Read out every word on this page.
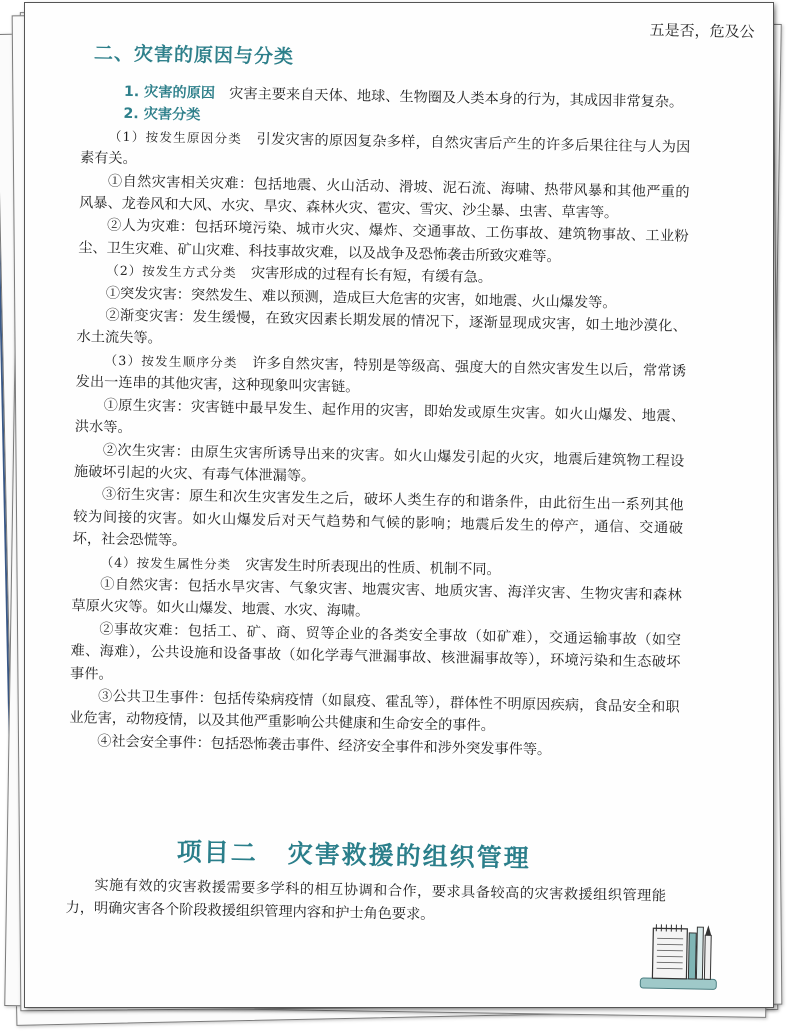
五是否，危及公
二、灾害的原因与分类

1. 灾害的原因　 灾害主要来自天体、地球、生物圈及人类本身的行为，其成因非常复杂。

2. 灾害分类

（1）按发生原因分类　 引发灾害的原因复杂多样，自然灾害后产生的许多后果往往与人为因素有关。

①自然灾害相关灾难：包括地震、火山活动、滑坡、泥石流、海啸、热带风暴和其他严重的风暴、龙卷风和大风、水灾、旱灾、森林火灾、雹灾、雪灾、沙尘暴、虫害、草害等。

②人为灾难：包括环境污染、城市火灾、爆炸、交通事故、工伤事故、建筑物事故、工业粉尘、卫生灾难、矿山灾难、科技事故灾难，以及战争及恐怖袭击所致灾难等。

（2）按发生方式分类　 灾害形成的过程有长有短，有缓有急。

①突发灾害：突然发生、难以预测，造成巨大危害的灾害，如地震、火山爆发等。

②渐变灾害：发生缓慢，在致灾因素长期发展的情况下，逐渐显现成灾害，如土地沙漠化、水土流失等。

（3）按发生顺序分类　 许多自然灾害，特别是等级高、强度大的自然灾害发生以后，常常诱发出一连串的其他灾害，这种现象叫灾害链。

①原生灾害：灾害链中最早发生、起作用的灾害，即始发或原生灾害。如火山爆发、地震、洪水等。

②次生灾害：由原生灾害所诱导出来的灾害。如火山爆发引起的火灾，地震后建筑物工程设施破坏引起的火灾、有毒气体泄漏等。

③衍生灾害：原生和次生灾害发生之后，破坏人类生存的和谐条件，由此衍生出一系列其他较为间接的灾害。如火山爆发后对天气趋势和气候的影响；地震后发生的停产，通信、交通破坏，社会恐慌等。

（4）按发生属性分类　 灾害发生时所表现出的性质、机制不同。

①自然灾害：包括水旱灾害、气象灾害、地震灾害、地质灾害、海洋灾害、生物灾害和森林草原火灾等。如火山爆发、地震、水灾、海啸。

②事故灾难：包括工、矿、商、贸等企业的各类安全事故（如矿难），交通运输事故（如空难、海难），公共设施和设备事故（如化学毒气泄漏事故、核泄漏事故等），环境污染和生态破坏事件。

③公共卫生事件：包括传染病疫情（如鼠疫、霍乱等），群体性不明原因疾病，食品安全和职业危害，动物疫情，以及其他严重影响公共健康和生命安全的事件。

④社会安全事件：包括恐怖袭击事件、经济安全事件和涉外突发事件等。

项目二 灾害救援的组织管理

实施有效的灾害救援需要多学科的相互协调和合作，要求具备较高的灾害救援组织管理能力，明确灾害各个阶段救援组织管理内容和护士角色要求。
